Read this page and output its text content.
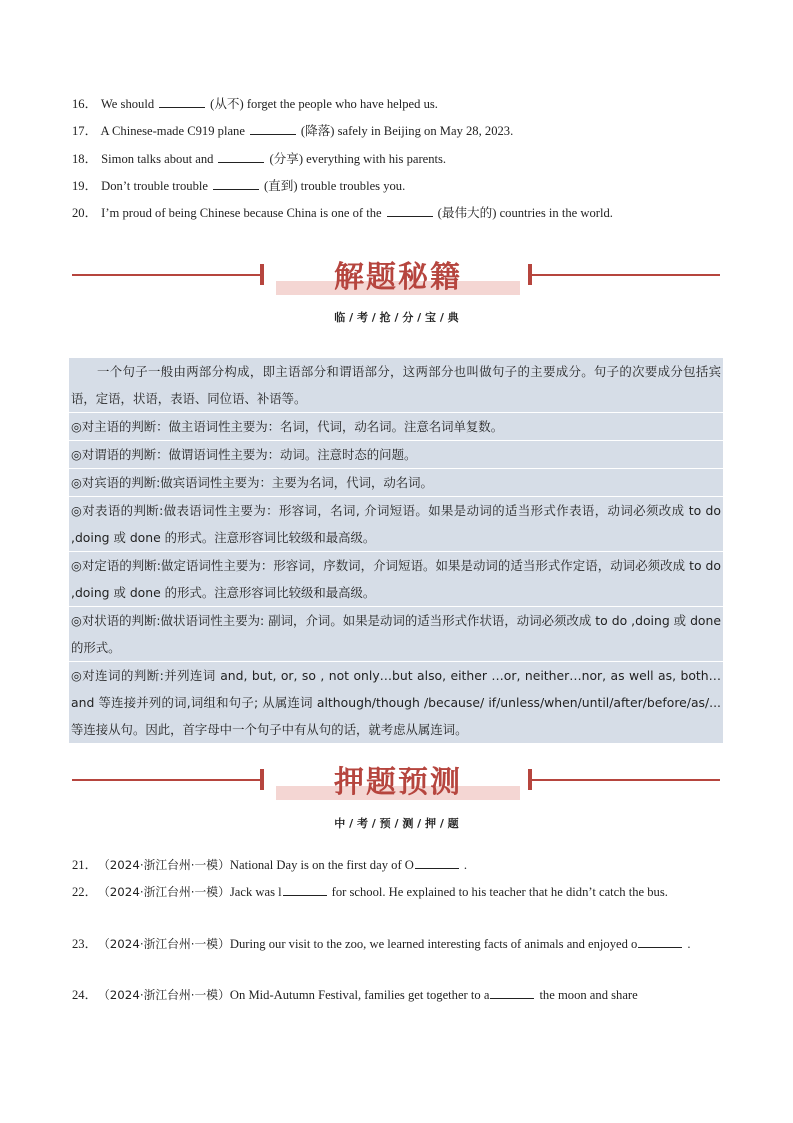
16． We should	(从不) forget the people who have helped us.
17． A Chinese-made C919 plane	(降落) safely in Beijing on May 28, 2023.
18． Simon talks about and	(分享) everything with his parents.
19． Don’t trouble trouble	(直到) trouble troubles you.
20． I’m proud of being Chinese because China is one of the	(最伟大的) countries in the world.
解题秘籍
临 / 考 / 抢 / 分 / 宝 / 典

一个句子一般由两部分构成，即主语部分和谓语部分，这两部分也叫做句子的主要成分。句子的次要成分包括宾语，定语，状语，表语、同位语、补语等。

◎对主语的判断：做主语词性主要为：名词，代词，动名词。注意名词单复数。

◎对谓语的判断：做谓语词性主要为：动词。注意时态的问题。

◎对宾语的判断:做宾语词性主要为：主要为名词，代词，动名词。

◎对表语的判断:做表语词性主要为：形容词，名词, 介词短语。如果是动词的适当形式作表语，动词必须改成 to do ,doing 或 done 的形式。注意形容词比较级和最高级。

◎对定语的判断:做定语词性主要为：形容词，序数词，介词短语。如果是动词的适当形式作定语，动词必须改成 to do ,doing 或 done 的形式。注意形容词比较级和最高级。

◎对状语的判断:做状语词性主要为: 副词，介词。如果是动词的适当形式作状语，动词必须改成 to do ,doing 或 done 的形式。

◎对连词的判断:并列连词 and, but, or, so , not only…but also, either …or, neither…nor, as well as, both…and 等连接并列的词,词组和句子; 从属连词 although/though /because/ if/unless/when/until/after/before/as/...等连接从句。因此，首字母中一个句子中有从句的话，就考虑从属连词。

押题预测
中 / 考 / 预 / 测 / 押 / 题
21．（2024·浙江台州·一模）National Day is on the first day of O	.
22．（2024·浙江台州·一模）Jack was l	for school. He explained to his teacher that he didn’t catch the bus.
23．（2024·浙江台州·一模）During our visit to the zoo, we learned interesting facts of animals and enjoyed o	.
24．（2024·浙江台州·一模）On Mid-Autumn Festival, families get together to a	the moon and share
